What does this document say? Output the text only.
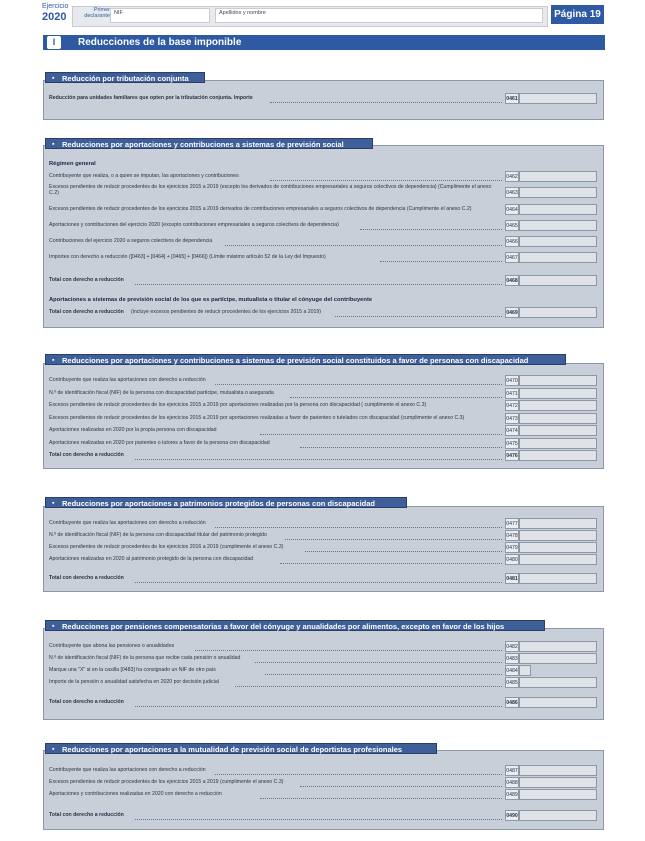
Ejercicio
2020
Primer declarante NIF	Apellidos y nombre	Página 19
I	Reducciones de la base imponible
▪ Reducción por tributación conjunta
Reducción para unidades familiares que opten por la tributación conjunta. Importe	0461
▪ Reducciones por aportaciones y contribuciones a sistemas de previsión social
Régimen general
Contribuyente que realiza, o a quien se imputan, las aportaciones y contribuciones	0462
Excesos pendientes de reducir procedentes de los ejercicios 2015 a 2019 (excepto los derivados de contribuciones empresariales a seguros colectivos de dependencia) (Cumplimente el anexo C.2)	0463
Excesos pendientes de reducir procedentes de los ejercicios 2015 a 2019 derivados de contribuciones empresariales a seguros colectivos de dependencia (Cumplimente el anexo C.2)	0464
Aportaciones y contribuciones del ejercicio 2020 (excepto contribuciones empresariales a seguros colectivos de dependencia)	0465
Contribuciones del ejercicio 2020 a seguros colectivos de dependencia	0466
Importes con derecho a reducción ([0463] + [0464] + [0465] + [0466]) (Límite máximo artículo 52 de la Ley del Impuesto)	0467
Total con derecho a reducción	0468
Aportaciones a sistemas de previsión social de los que es partícipe, mutualista o titular el cónyuge del contribuyente
Total con derecho a reducción (incluye excesos pendientes de reducir procedentes de los ejercicios 2015 a 2019)	0469
▪ Reducciones por aportaciones y contribuciones a sistemas de previsión social constituidos a favor de personas con discapacidad
Contribuyente que realiza las aportaciones con derecho a reducción	0470
N.º de identificación fiscal (NIF) de la persona con discapacidad partícipe, mutualista o asegurada	0471
Excesos pendientes de reducir procedentes de los ejercicios 2015 a 2019 por aportaciones realizadas por la persona con discapacidad ( cumplimente el anexo C.3)	0472
Excesos pendientes de reducir procedentes de los ejercicios 2015 a 2019 por aportaciones realizadas a favor de parientes o tutelados con discapacidad (cumplimente el anexo C.3)	0473
Aportaciones realizadas en 2020 por la propia persona con discapacidad	0474
Aportaciones realizadas en 2020 por parientes o tutores a favor de la persona con discapacidad	0475
Total con derecho a reducción	0476
▪ Reducciones por aportaciones a patrimonios protegidos de personas con discapacidad
Contribuyente que realiza las aportaciones con derecho a reducción	0477
N.º de identificación fiscal (NIF) de la persona con discapacidad titular del patrimonio protegido	0478
Excesos pendientes de reducir procedentes de los ejercicios 2016 a 2019 (cumplimente el anexo C.3)	0479
Aportaciones realizadas en 2020 al patrimonio protegido de la persona con discapacidad	0480
Total con derecho a reducción	0481
▪ Reducciones por pensiones compensatorias a favor del cónyuge y anualidades por alimentos, excepto en favor de los hijos
Contribuyente que abona las pensiones o anualidades	0482
N.º de identificación fiscal (NIF) de la persona que recibe cada pensión o anualidad	0483
Marque una "X" si en la casilla [0483] ha consignado un NIF de otro país	0484
Importe de la pensión o anualidad satisfecha en 2020 por decisión judicial	0485
Total con derecho a reducción	0486
▪ Reducciones por aportaciones a la mutualidad de previsión social de deportistas profesionales
Contribuyente que realiza las aportaciones con derecho a reducción	0487
Excesos pendientes de reducir procedentes de los ejercicios 2015 a 2019 (cumplimente el anexo C.3)	0488
Aportaciones y contribuciones realizadas en 2020 con derecho a reducción	0489
Total con derecho a reducción	0490
